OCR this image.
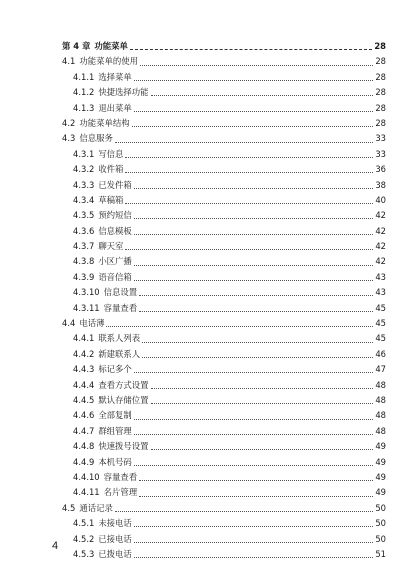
第 4 章 功能菜单	28
4.1 功能菜单的使用	28
4.1.1 选择菜单	28
4.1.2 快捷选择功能	28
4.1.3 退出菜单	28
4.2 功能菜单结构	28
4.3 信息服务	33
4.3.1 写信息	33
4.3.2 收件箱	36
4.3.3 已发件箱	38
4.3.4 草稿箱	40
4.3.5 预约短信	42
4.3.6 信息模板	42
4.3.7 聊天室	42
4.3.8 小区广播	42
4.3.9 语音信箱	43
4.3.10 信息设置	43
4.3.11 容量查看	45
4.4 电话薄	45
4.4.1 联系人列表	45
4.4.2 新建联系人	46
4.4.3 标记多个	47
4.4.4 查看方式设置	48
4.4.5 默认存储位置	48
4.4.6 全部复制	48
4.4.7 群组管理	48
4.4.8 快速拨号设置	49
4.4.9 本机号码	49
4.4.10 容量查看	49
4.4.11 名片管理	49
4.5 通话记录	50
4.5.1 未接电话	50
4.5.2 已接电话	50
4.5.3 已拨电话	51
4
